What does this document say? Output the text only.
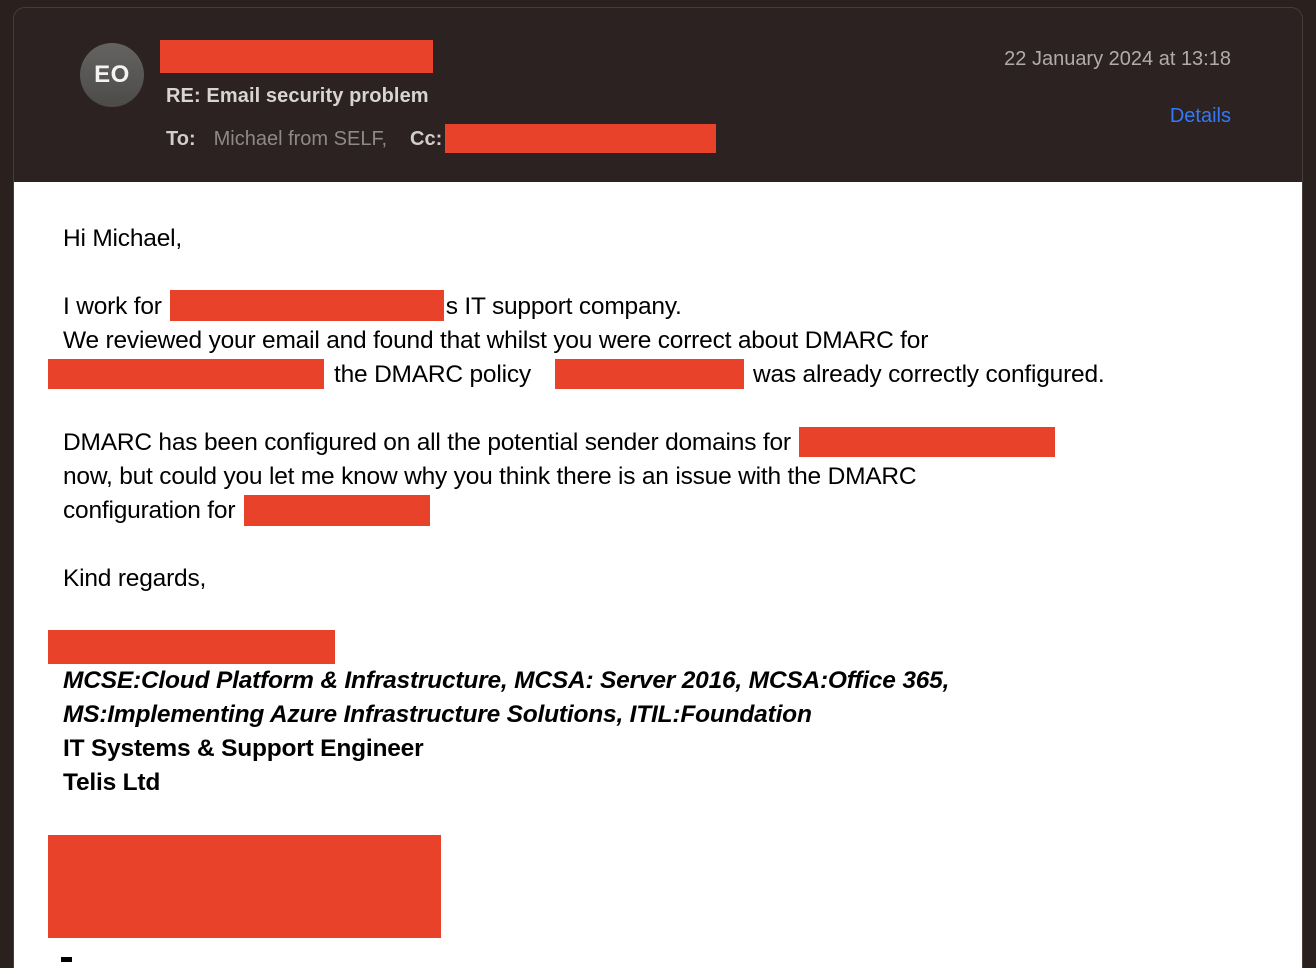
EO
RE: Email security problem
To: Michael from SELF, Cc:
22 January 2024 at 13:18
Details
Hi Michael,
I work for	s IT support company.
We reviewed your email and found that whilst you were correct about DMARC for
the DMARC policy	was already correctly configured.
DMARC has been configured on all the potential sender domains for
now, but could you let me know why you think there is an issue with the DMARC
configuration for
Kind regards,
MCSE:Cloud Platform & Infrastructure, MCSA: Server 2016, MCSA:Office 365,
MS:Implementing Azure Infrastructure Solutions, ITIL:Foundation
IT Systems & Support Engineer
Telis Ltd
